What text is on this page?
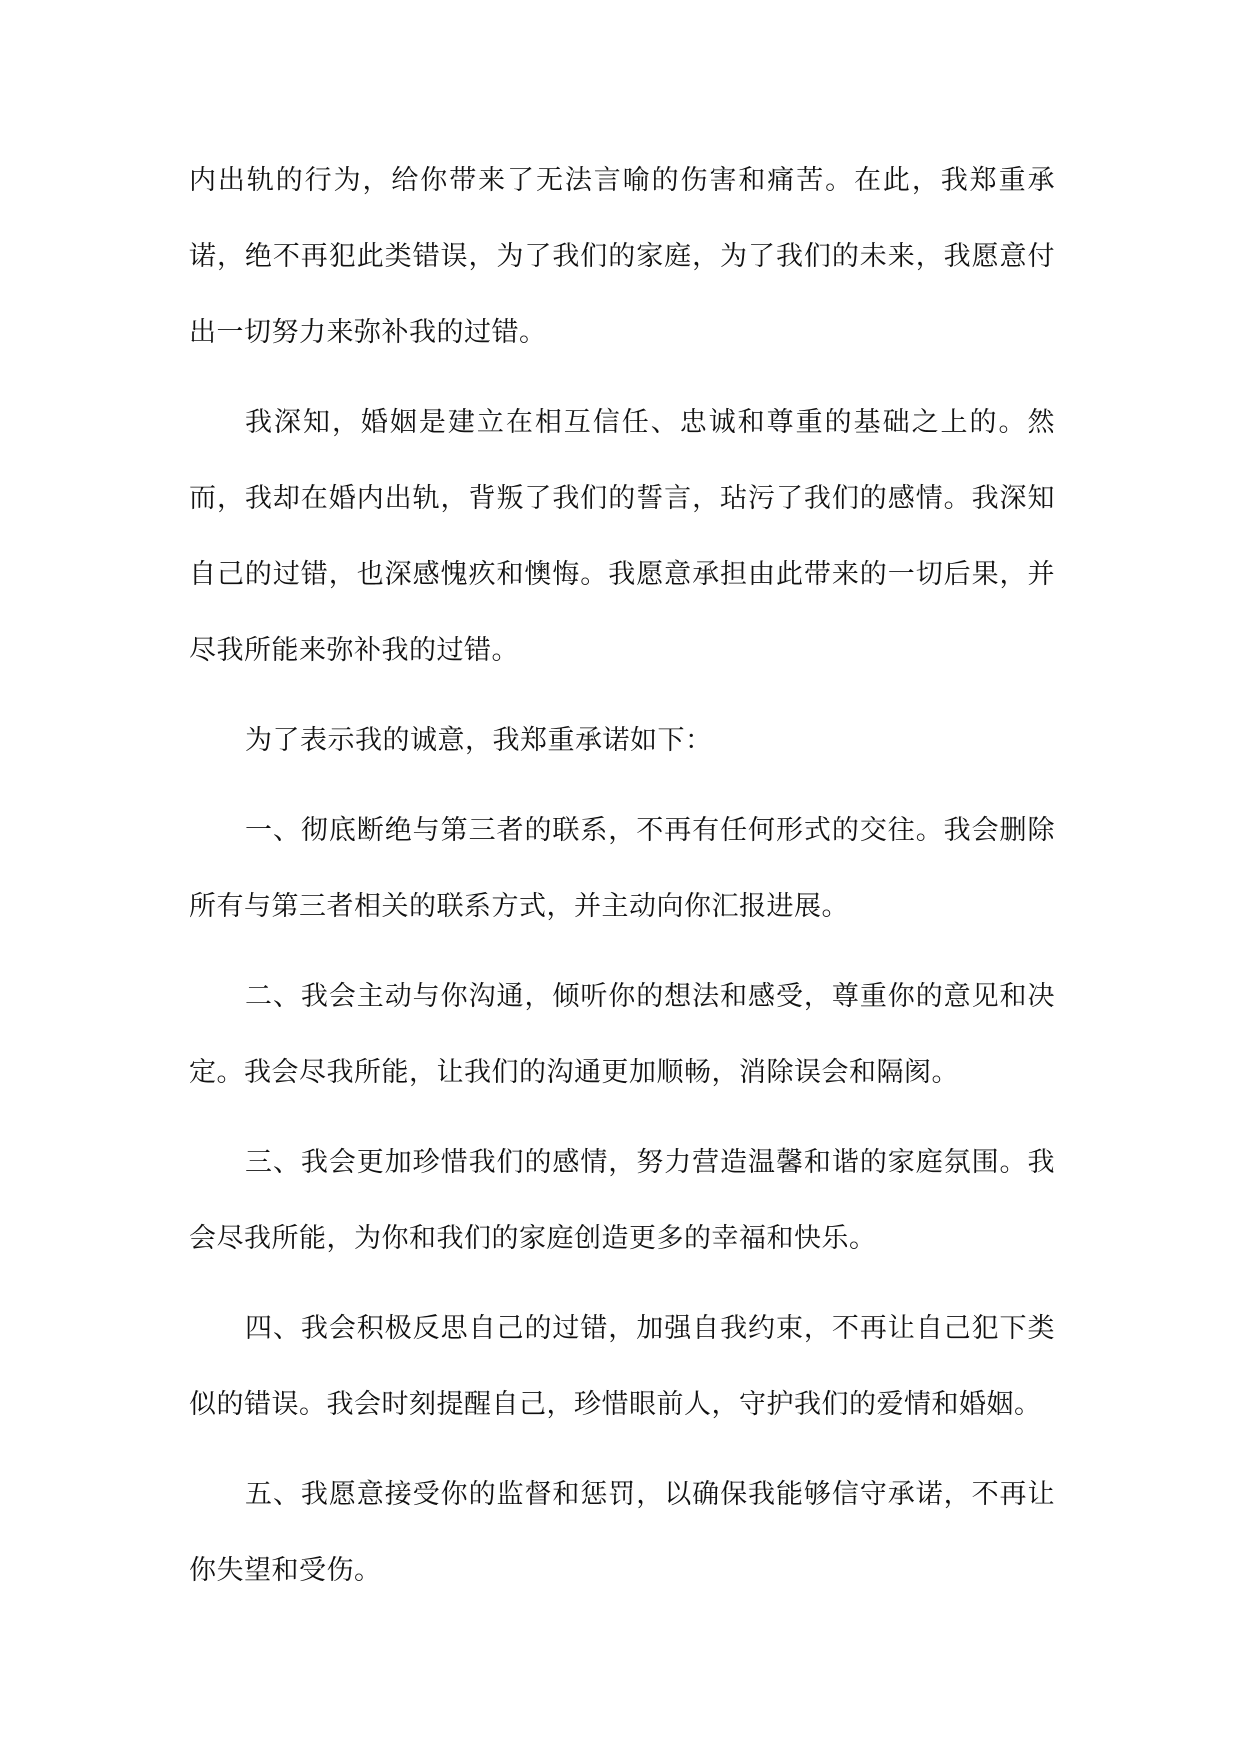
内出轨的行为，给你带来了无法言喻的伤害和痛苦。在此，我郑重承诺，绝不再犯此类错误，为了我们的家庭，为了我们的未来，我愿意付出一切努力来弥补我的过错。

我深知，婚姻是建立在相互信任、忠诚和尊重的基础之上的。然而，我却在婚内出轨，背叛了我们的誓言，玷污了我们的感情。我深知自己的过错，也深感愧疚和懊悔。我愿意承担由此带来的一切后果，并尽我所能来弥补我的过错。

为了表示我的诚意，我郑重承诺如下：

一、彻底断绝与第三者的联系，不再有任何形式的交往。我会删除所有与第三者相关的联系方式，并主动向你汇报进展。

二、我会主动与你沟通，倾听你的想法和感受，尊重你的意见和决定。我会尽我所能，让我们的沟通更加顺畅，消除误会和隔阂。

三、我会更加珍惜我们的感情，努力营造温馨和谐的家庭氛围。我会尽我所能，为你和我们的家庭创造更多的幸福和快乐。

四、我会积极反思自己的过错，加强自我约束，不再让自己犯下类似的错误。我会时刻提醒自己，珍惜眼前人，守护我们的爱情和婚姻。

五、我愿意接受你的监督和惩罚，以确保我能够信守承诺，不再让你失望和受伤。
